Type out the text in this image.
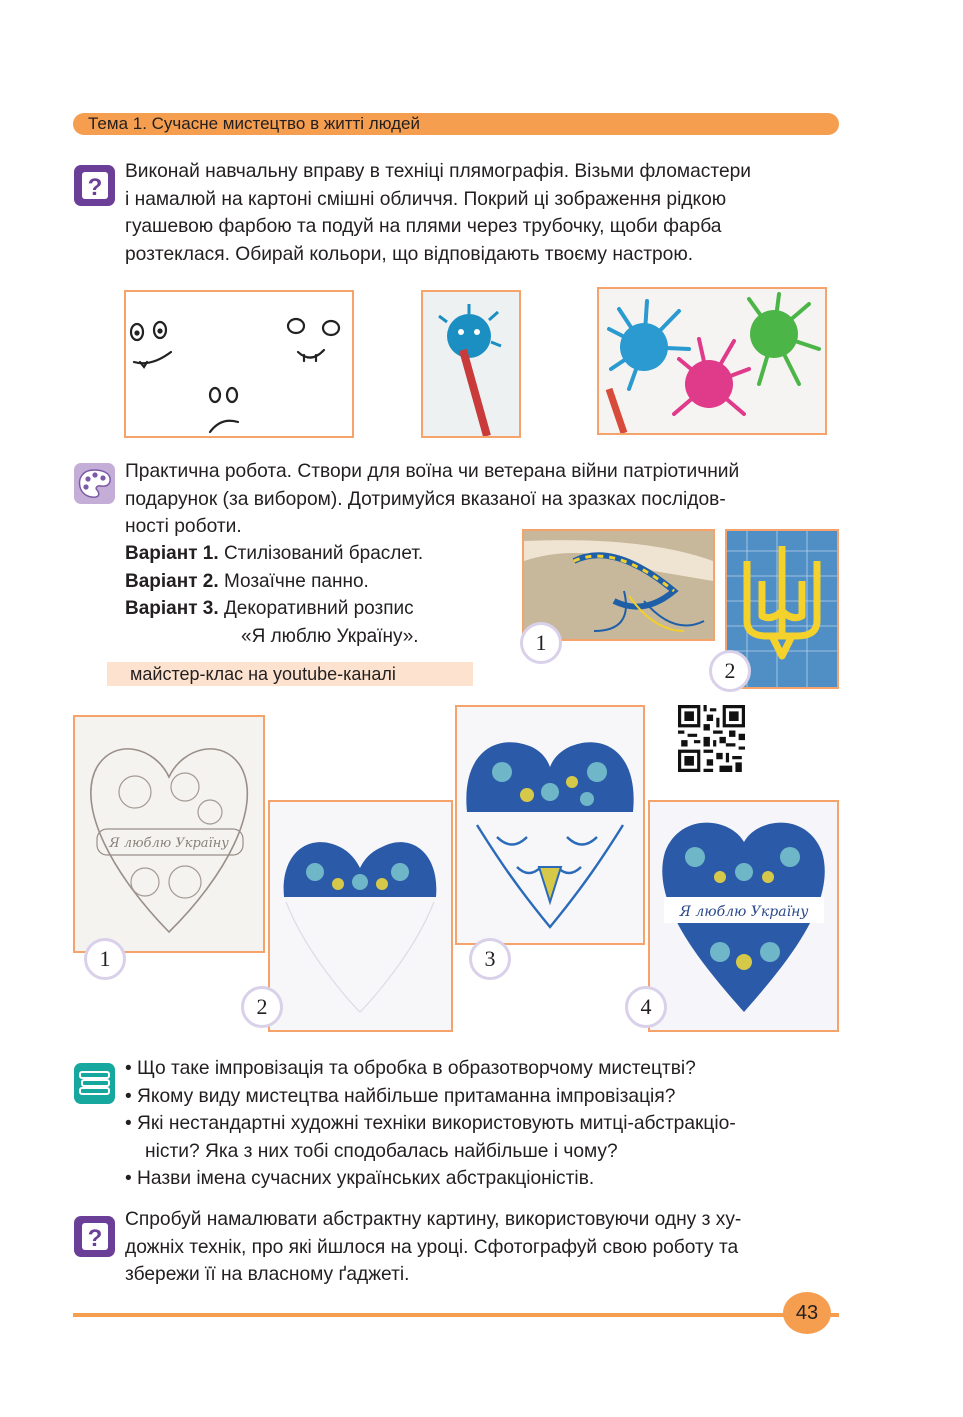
Тема 1. Сучасне мистецтво в житті людей
?
Виконай навчальну вправу в техніці плямографія. Візьми фломастери
і намалюй на картоні смішні обличчя. Покрий ці зображення рідкою
гуашевою фарбою та подуй на плями через трубочку, щоби фарба
розтеклася. Обирай кольори, що відповідають твоєму настрою.
Практична робота. Створи для воїна чи ветерана війни патріотичний
подарунок (за вибором). Дотримуйся вказаної на зразках послідов-
ності роботи.
Варіант 1. Стилізований браслет.
Варіант 2. Мозаїчне панно.
Варіант 3. Декоративний розпис
«Я люблю Україну».
майстер-клас на youtube-каналі
1
2
Я люблю Україну
1
2
3
Я люблю Україну
4
• Що таке імпровізація та обробка в образотворчому мистецтві?
• Якому виду мистецтва найбільше притаманна імпровізація?
• Які нестандартні художні техніки використовують митці-абстракціо-
ністи? Яка з них тобі сподобалась найбільше і чому?
• Назви імена сучасних українських абстракціоністів.
?
Спробуй намалювати абстрактну картину, використовуючи одну з ху-
дожніх технік, про які йшлося на уроці. Сфотографуй свою роботу та
збережи її на власному ґаджеті.
43
